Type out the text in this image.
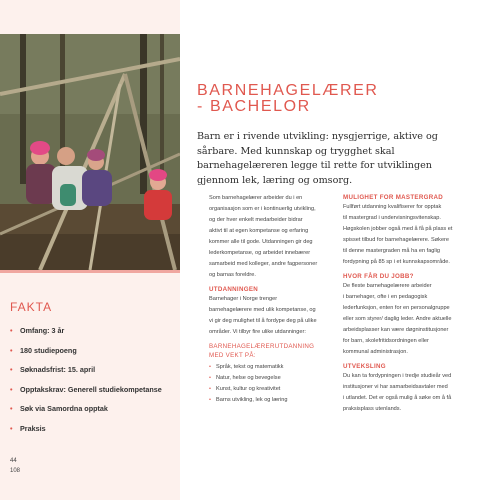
FAKTA
• Omfang: 3 år
• 180 studiepoeng
• Søknadsfrist: 15. april
• Opptakskrav: Generell studiekompetanse
• Søk via Samordna opptak
• Praksis
44
108
BARNEHAGELÆRER
- BACHELOR
Barn er i rivende utvikling: nysgjerrige, aktive og sårbare. Med kunnskap og trygghet skal barnehagelæreren legge til rette for utviklingen gjennom lek, læring og omsorg.

Som barnehagelærer arbeider du i en

organisasjon som er i kontinuerlig utvikling,

og der hver enkelt medarbeider bidrar

aktivt til at egen kompetanse og erfaring

kommer alle til gode. Utdanningen gir deg

lederkompetanse, og arbeidet innebærer

samarbeid med kolleger, andre fagpersoner

og barnas foreldre.

UTDANNINGEN

Barnehager i Norge trenger

barnehagelærere med ulik kompetanse, og

vi gir deg mulighet til å fordype deg på ulike

områder. Vi tilbyr fire ulike utdanninger:

BARNEHAGELÆRERUTDANNING

MED VEKT PÅ:

• Språk, tekst og matematikk
• Natur, helse og bevegelse
• Kunst, kultur og kreativitet
• Barns utvikling, lek og læring

MULIGHET FOR MASTERGRAD

Fullført utdanning kvalifiserer for opptak

til mastergrad i undervisningsvitenskap.

Høgskolen jobber også med å få på plass et

spisset tilbud for barnehagelærere. Søkere

til denne mastergraden må ha en faglig

fordypning på 85 sp i et kunnskapsområde.

HVOR FÅR DU JOBB?

De fleste barnehagelærere arbeider

i barnehager, ofte i en pedagogisk

lederfunksjon, enten for en personalgruppe

eller som styrer/ daglig leder. Andre aktuelle

arbeidsplasser kan være døgninstitusjoner

for barn, skolefritidsordningen eller

kommunal administrasjon.

UTVEKSLING

Du kan ta fordypningen i tredje studieår ved

institusjoner vi har samarbeidsavtaler med

i utlandet. Det er også mulig å søke om å få

praksisplass utenlands.
